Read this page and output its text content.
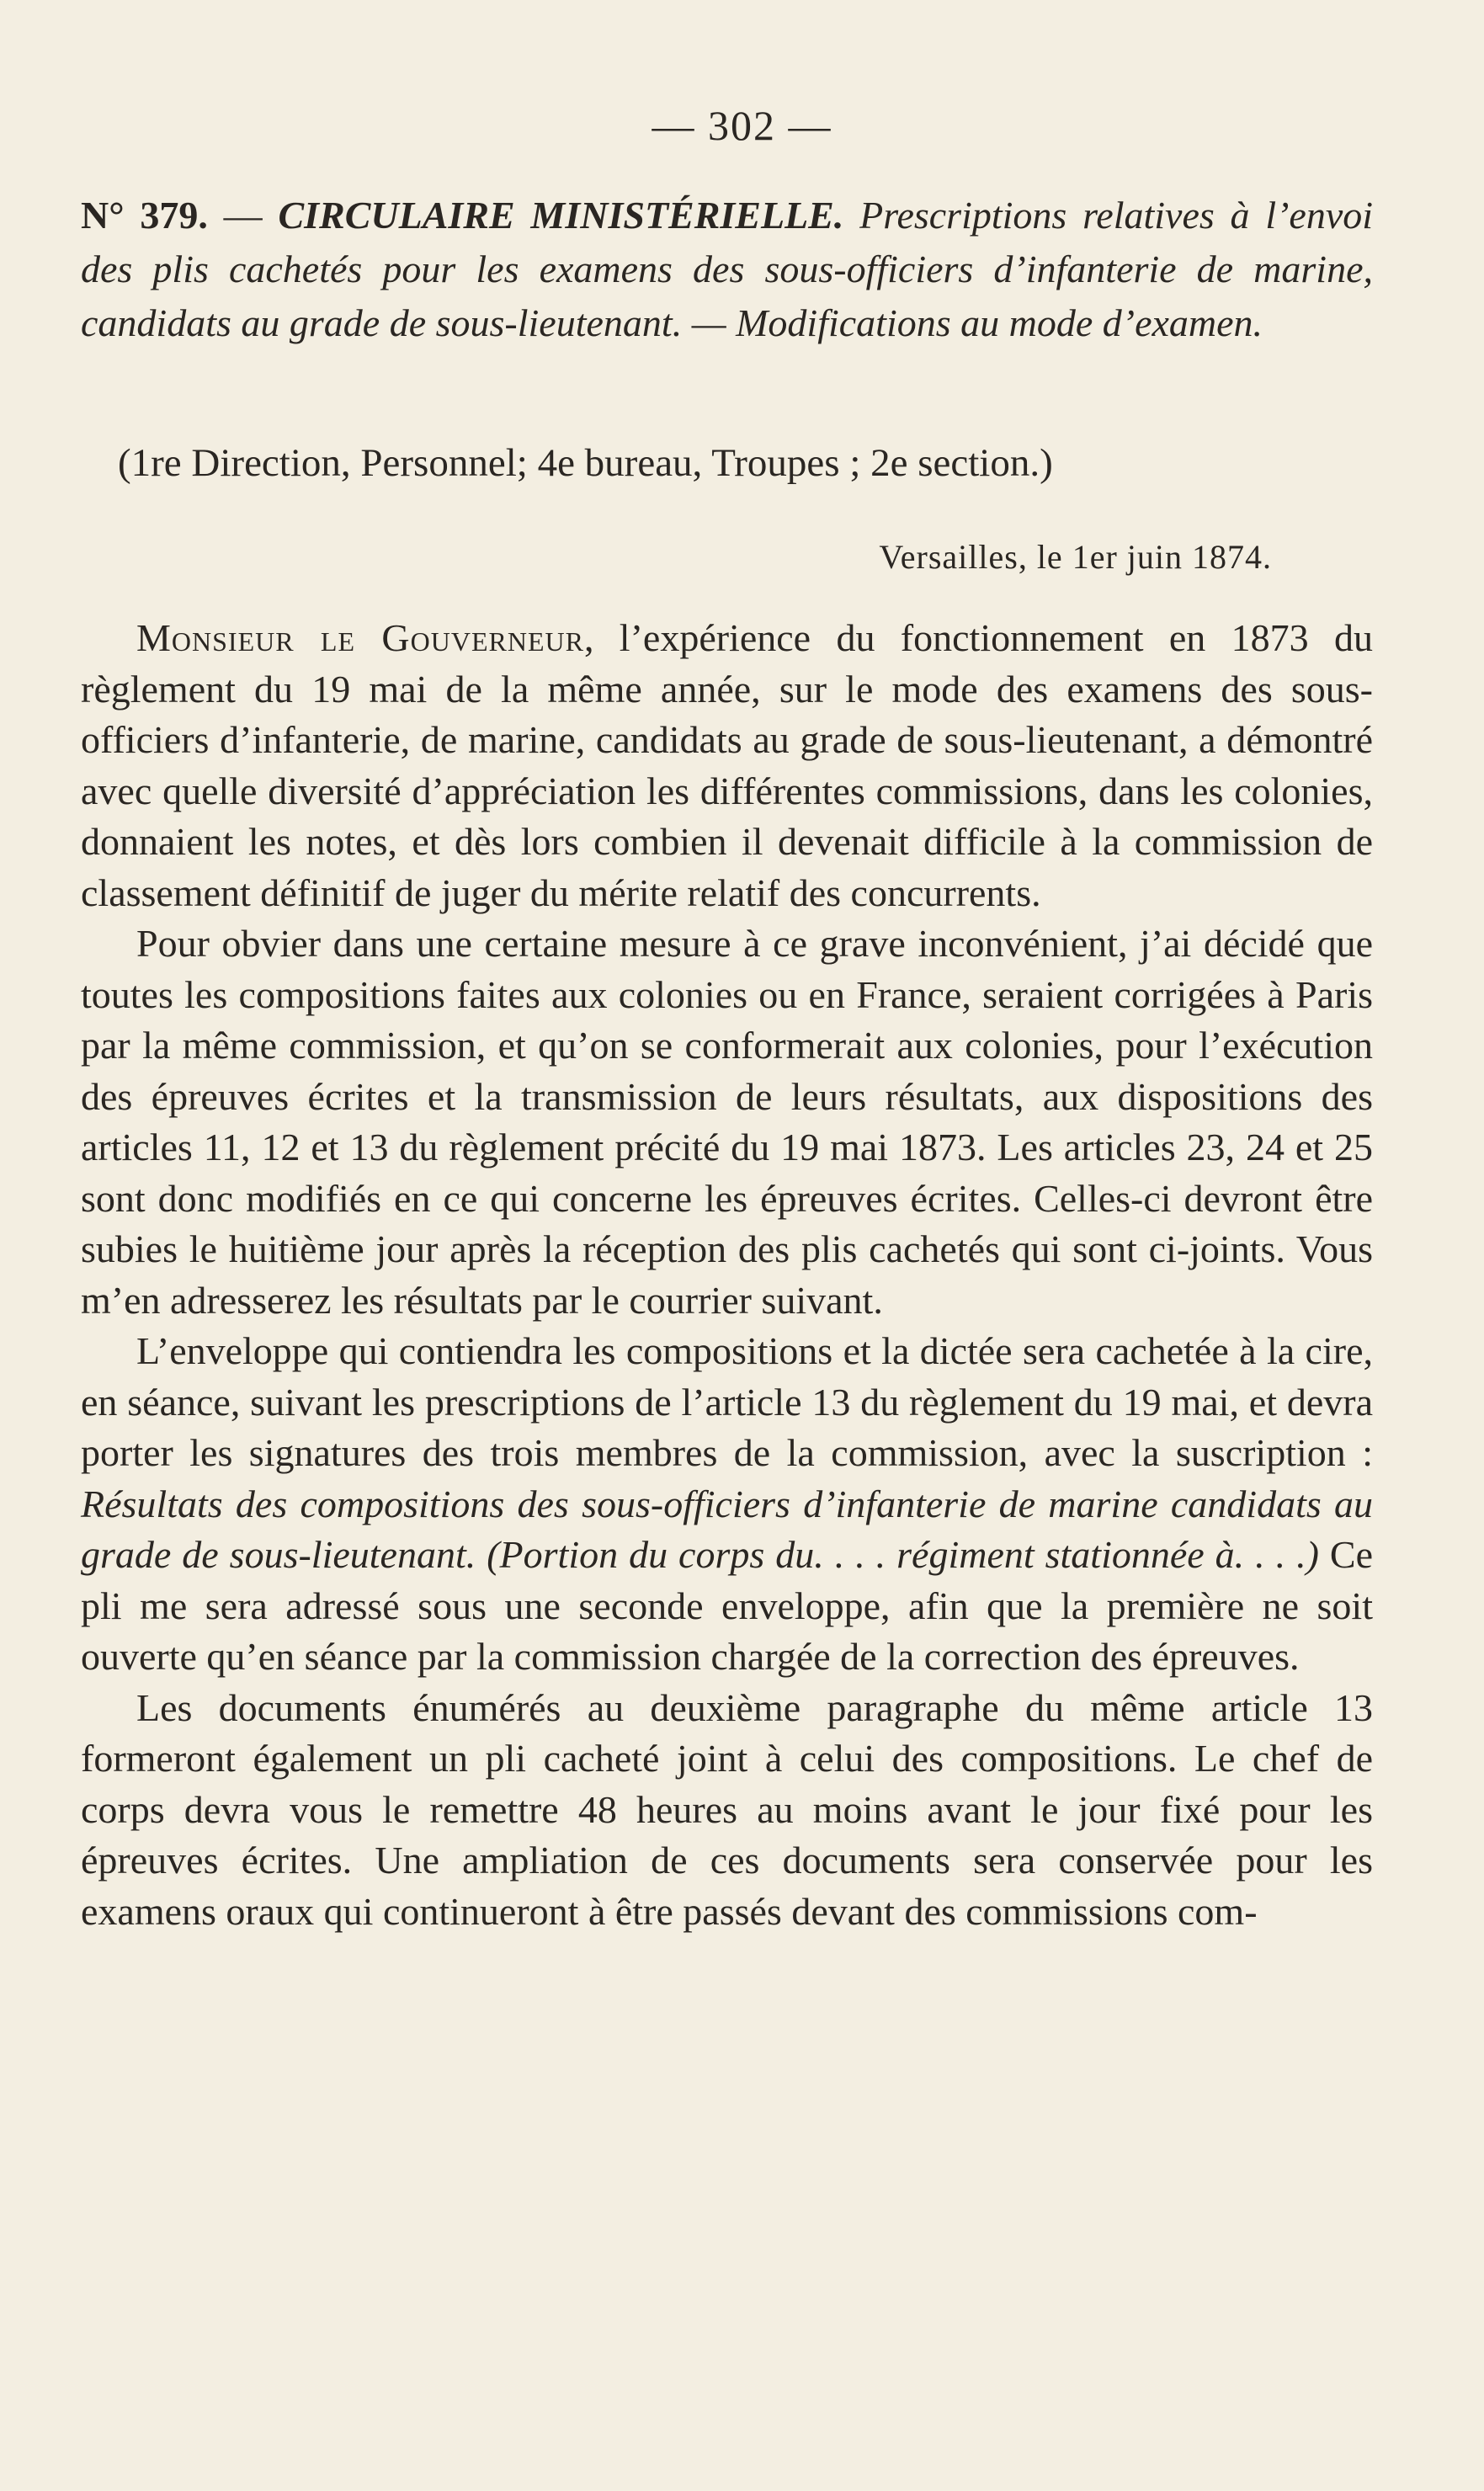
— 302 —
N° 379. — CIRCULAIRE MINISTÉRIELLE. Prescriptions relatives à l’envoi des plis cachetés pour les examens des sous-officiers d’infanterie de marine, candidats au grade de sous-lieutenant. — Modifications au mode d’examen.
(1re Direction, Personnel; 4e bureau, Troupes ; 2e section.)
Versailles, le 1er juin 1874.

Monsieur le Gouverneur, l’expérience du fonctionnement en 1873 du règlement du 19 mai de la même année, sur le mode des examens des sous-officiers d’infanterie, de marine, candidats au grade de sous-lieutenant, a démontré avec quelle diversité d’appréciation les différentes commissions, dans les colonies, donnaient les notes, et dès lors combien il devenait difficile à la commission de classement définitif de juger du mérite relatif des concurrents.

Pour obvier dans une certaine mesure à ce grave inconvénient, j’ai décidé que toutes les compositions faites aux colonies ou en France, seraient corrigées à Paris par la même commission, et qu’on se conformerait aux colonies, pour l’exécution des épreuves écrites et la transmission de leurs résultats, aux dispositions des articles 11, 12 et 13 du règlement précité du 19 mai 1873. Les articles 23, 24 et 25 sont donc modifiés en ce qui concerne les épreuves écrites. Celles-ci devront être subies le huitième jour après la réception des plis cachetés qui sont ci-joints. Vous m’en adresserez les résultats par le courrier suivant.

L’enveloppe qui contiendra les compositions et la dictée sera cachetée à la cire, en séance, suivant les prescriptions de l’article 13 du règlement du 19 mai, et devra porter les signatures des trois membres de la commission, avec la suscription : Résultats des compositions des sous-officiers d’infanterie de marine candidats au grade de sous-lieutenant. (Portion du corps du. . . . régiment stationnée à. . . .) Ce pli me sera adressé sous une seconde enveloppe, afin que la première ne soit ouverte qu’en séance par la commission chargée de la correction des épreuves.

Les documents énumérés au deuxième paragraphe du même article 13 formeront également un pli cacheté joint à celui des compositions. Le chef de corps devra vous le remettre 48 heures au moins avant le jour fixé pour les épreuves écrites. Une ampliation de ces documents sera conservée pour les examens oraux qui continueront à être passés devant des commissions com-
